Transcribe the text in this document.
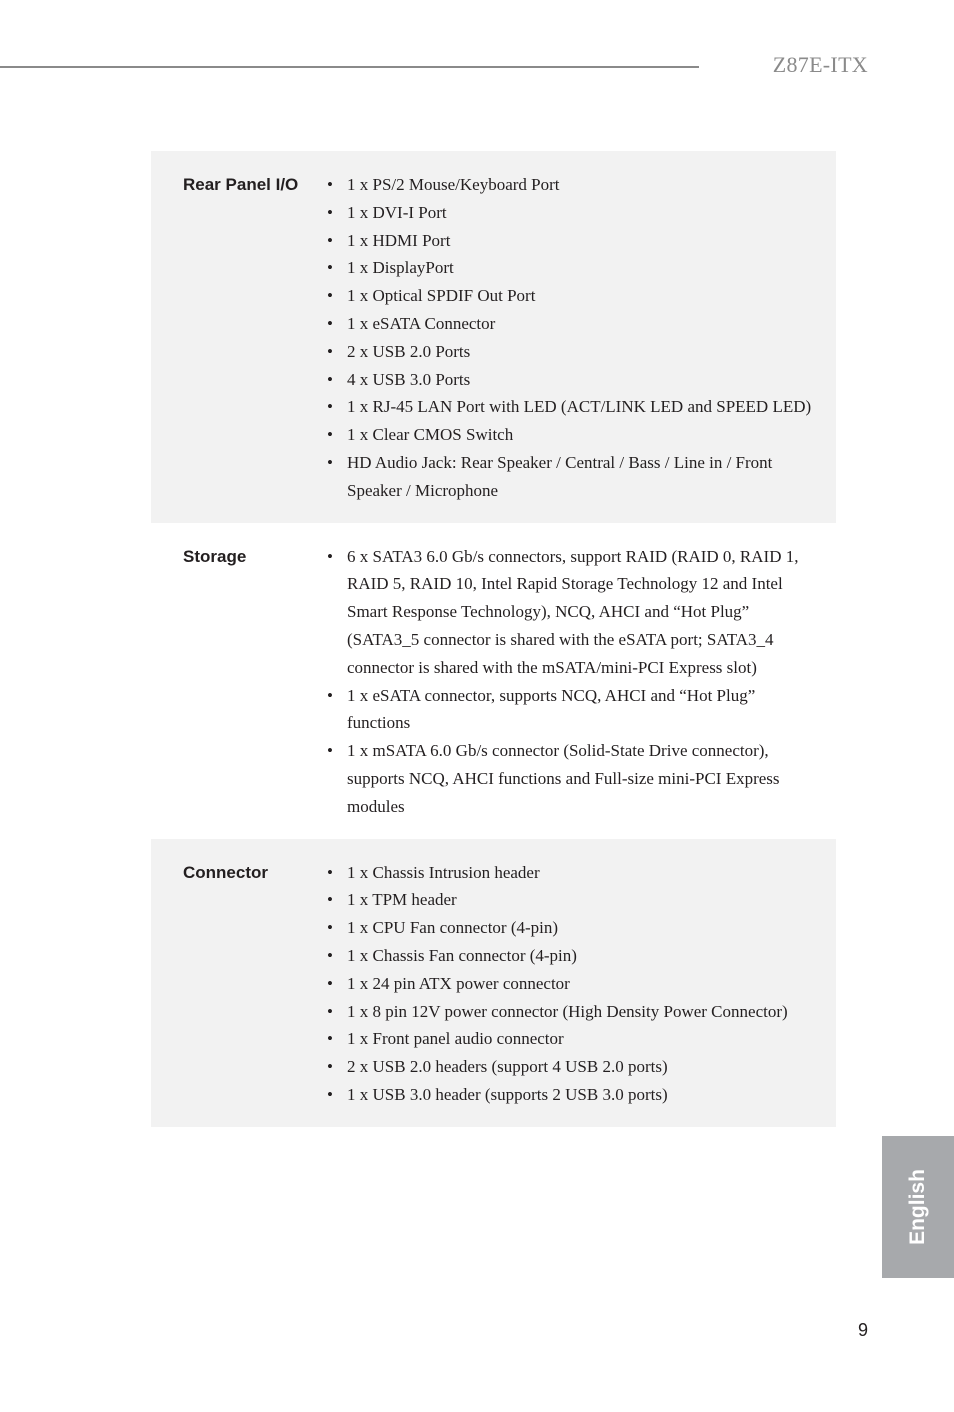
Z87E-ITX
Rear Panel I/O	• 1 x PS/2 Mouse/Keyboard Port
• 1 x DVI-I Port
• 1 x HDMI Port
• 1 x DisplayPort
• 1 x Optical SPDIF Out Port
• 1 x eSATA Connector
• 2 x USB 2.0 Ports
• 4 x USB 3.0 Ports
• 1 x RJ-45 LAN Port with LED (ACT/LINK LED and SPEED LED)
• 1 x Clear CMOS Switch
• HD Audio Jack: Rear Speaker / Central / Bass / Line in / Front Speaker / Microphone
Storage	• 6 x SATA3 6.0 Gb/s connectors, support RAID (RAID 0, RAID 1, RAID 5, RAID 10, Intel Rapid Storage Technology 12 and Intel Smart Response Technology), NCQ, AHCI and “Hot Plug” (SATA3_5 connector is shared with the eSATA port; SATA3_4 connector is shared with the mSATA/mini-PCI Express slot)
• 1 x eSATA connector, supports NCQ, AHCI and “Hot Plug” functions
• 1 x mSATA 6.0 Gb/s connector (Solid-State Drive connector), supports NCQ, AHCI functions and Full-size mini-PCI Express modules
Connector	• 1 x Chassis Intrusion header
• 1 x TPM header
• 1 x CPU Fan connector (4-pin)
• 1 x Chassis Fan connector (4-pin)
• 1 x 24 pin ATX power connector
• 1 x 8 pin 12V power connector (High Density Power Connector)
• 1 x Front panel audio connector
• 2 x USB 2.0 headers (support 4 USB 2.0 ports)
• 1 x USB 3.0 header (supports 2 USB 3.0 ports)
English
9
